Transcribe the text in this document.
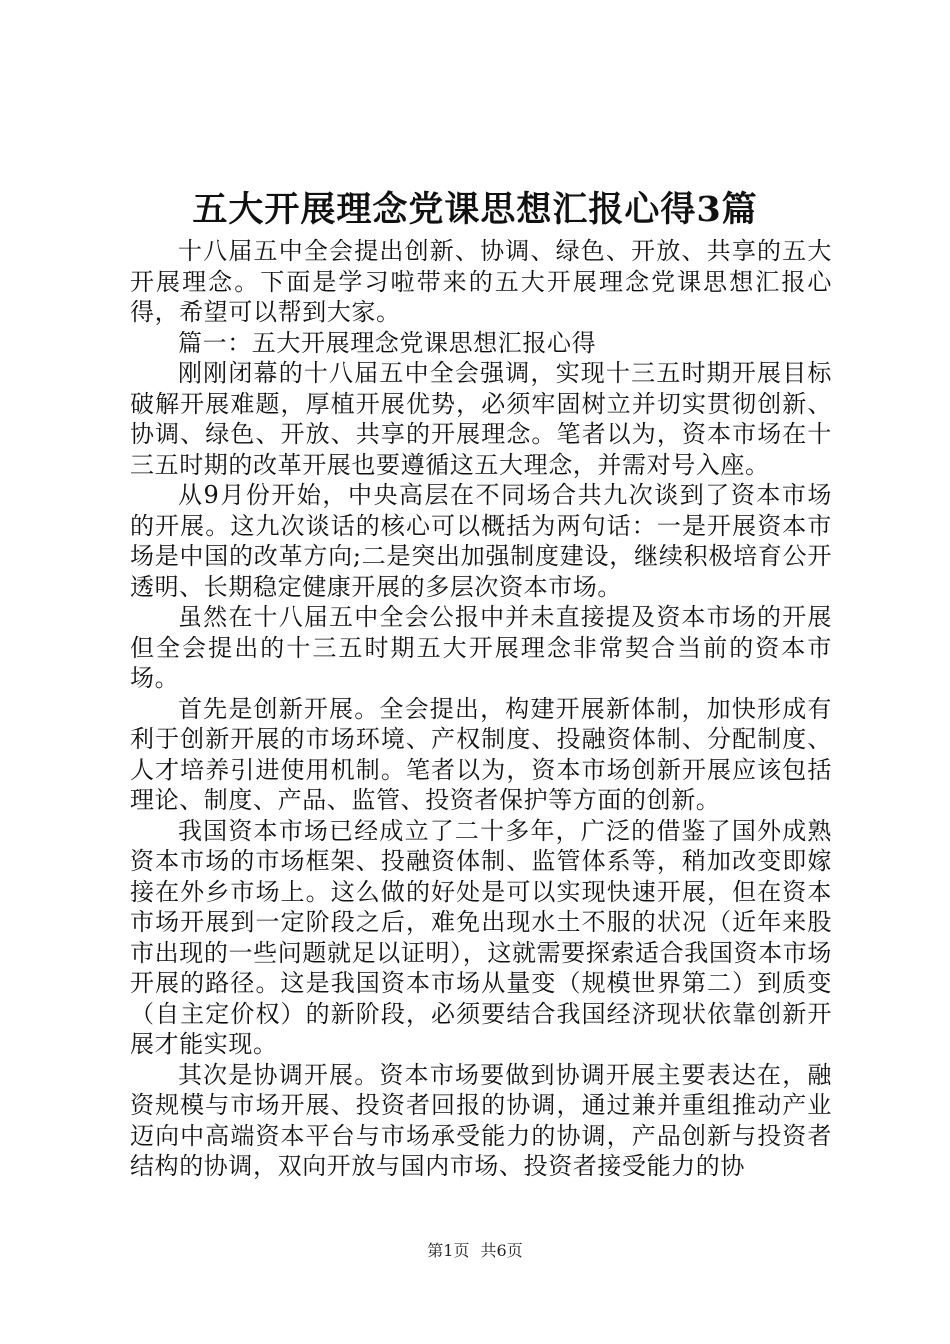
五大开展理念党课思想汇报心得3篇

十八届五中全会提出创新、协调、绿色、开放、共享的五大开展理念。下面是学习啦带来的五大开展理念党课思想汇报心得，希望可以帮到大家。

篇一：五大开展理念党课思想汇报心得

刚刚闭幕的十八届五中全会强调，实现十三五时期开展目标破解开展难题，厚植开展优势，必须牢固树立并切实贯彻创新、协调、绿色、开放、共享的开展理念。笔者以为，资本市场在十三五时期的改革开展也要遵循这五大理念，并需对号入座。

从9月份开始，中央高层在不同场合共九次谈到了资本市场的开展。这九次谈话的核心可以概括为两句话：一是开展资本市场是中国的改革方向;二是突出加强制度建设，继续积极培育公开透明、长期稳定健康开展的多层次资本市场。

虽然在十八届五中全会公报中并未直接提及资本市场的开展但全会提出的十三五时期五大开展理念非常契合当前的资本市场。

首先是创新开展。全会提出，构建开展新体制，加快形成有利于创新开展的市场环境、产权制度、投融资体制、分配制度、人才培养引进使用机制。笔者以为，资本市场创新开展应该包括理论、制度、产品、监管、投资者保护等方面的创新。

我国资本市场已经成立了二十多年，广泛的借鉴了国外成熟资本市场的市场框架、投融资体制、监管体系等，稍加改变即嫁接在外乡市场上。这么做的好处是可以实现快速开展，但在资本市场开展到一定阶段之后，难免出现水土不服的状况（近年来股市出现的一些问题就足以证明），这就需要探索适合我国资本市场开展的路径。这是我国资本市场从量变（规模世界第二）到质变（自主定价权）的新阶段，必须要结合我国经济现状依靠创新开展才能实现。

其次是协调开展。资本市场要做到协调开展主要表达在，融资规模与市场开展、投资者回报的协调，通过兼并重组推动产业迈向中高端资本平台与市场承受能力的协调，产品创新与投资者结构的协调，双向开放与国内市场、投资者接受能力的协

第1页 共6页
